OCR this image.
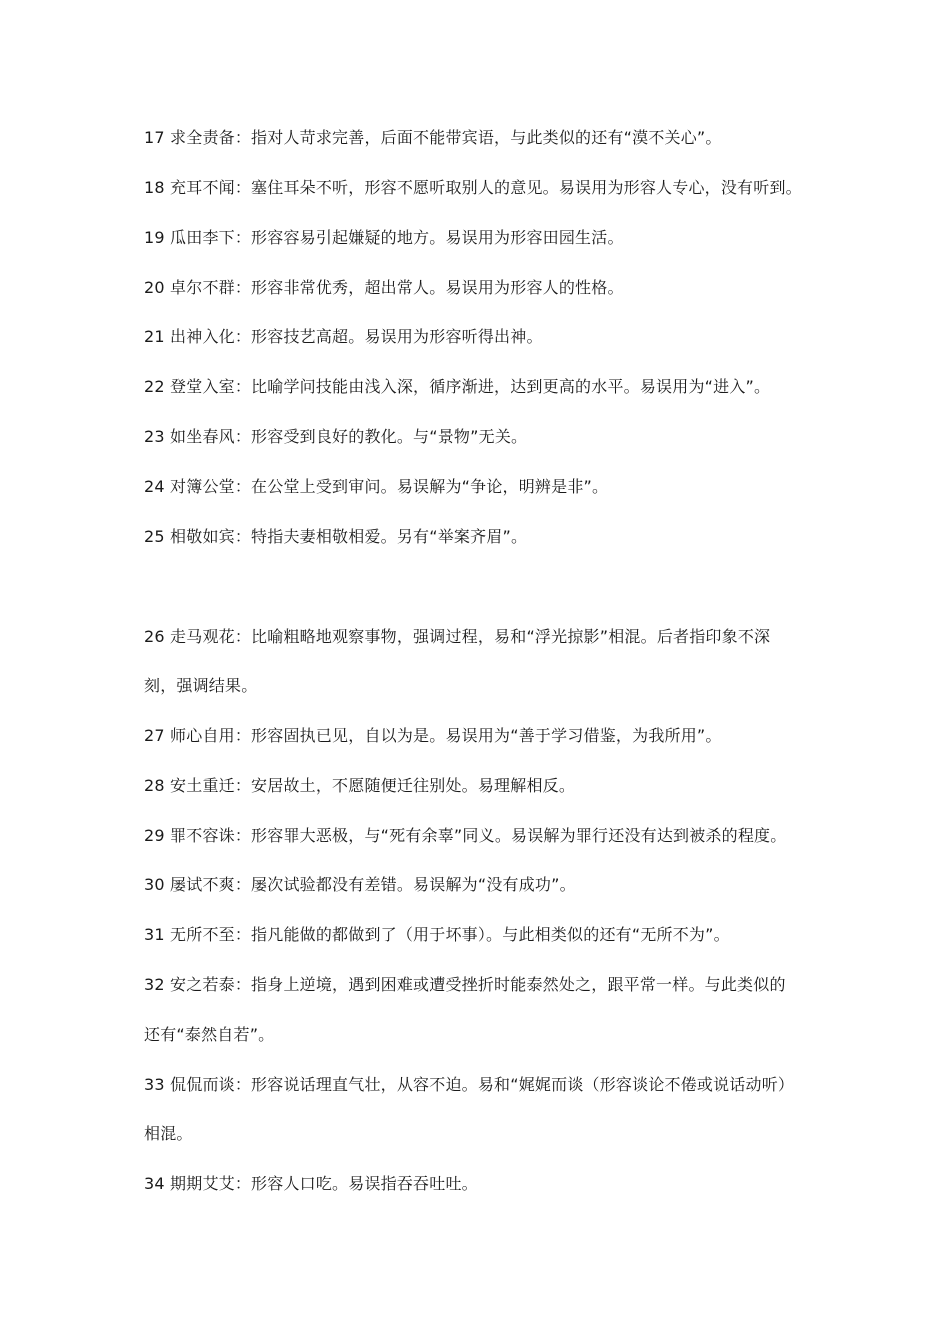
17 求全责备：指对人苛求完善，后面不能带宾语，与此类似的还有“漠不关心”。
18 充耳不闻：塞住耳朵不听，形容不愿听取别人的意见。易误用为形容人专心，没有听到。
19 瓜田李下：形容容易引起嫌疑的地方。易误用为形容田园生活。
20 卓尔不群：形容非常优秀，超出常人。易误用为形容人的性格。
21 出神入化：形容技艺高超。易误用为形容听得出神。
22 登堂入室：比喻学问技能由浅入深，循序渐进，达到更高的水平。易误用为“进入”。
23 如坐春风：形容受到良好的教化。与“景物”无关。
24 对簿公堂：在公堂上受到审问。易误解为“争论，明辨是非”。
25 相敬如宾：特指夫妻相敬相爱。另有“举案齐眉”。
26 走马观花：比喻粗略地观察事物，强调过程，易和“浮光掠影”相混。后者指印象不深
刻，强调结果。
27 师心自用：形容固执已见，自以为是。易误用为“善于学习借鉴，为我所用”。
28 安土重迁：安居故土，不愿随便迁往别处。易理解相反。
29 罪不容诛：形容罪大恶极，与“死有余辜”同义。易误解为罪行还没有达到被杀的程度。
30 屡试不爽：屡次试验都没有差错。易误解为“没有成功”。
31 无所不至：指凡能做的都做到了（用于坏事）。与此相类似的还有“无所不为”。
32 安之若泰：指身上逆境，遇到困难或遭受挫折时能泰然处之，跟平常一样。与此类似的
还有“泰然自若”。
33 侃侃而谈：形容说话理直气壮，从容不迫。易和“娓娓而谈（形容谈论不倦或说话动听）
相混。
34 期期艾艾：形容人口吃。易误指吞吞吐吐。
